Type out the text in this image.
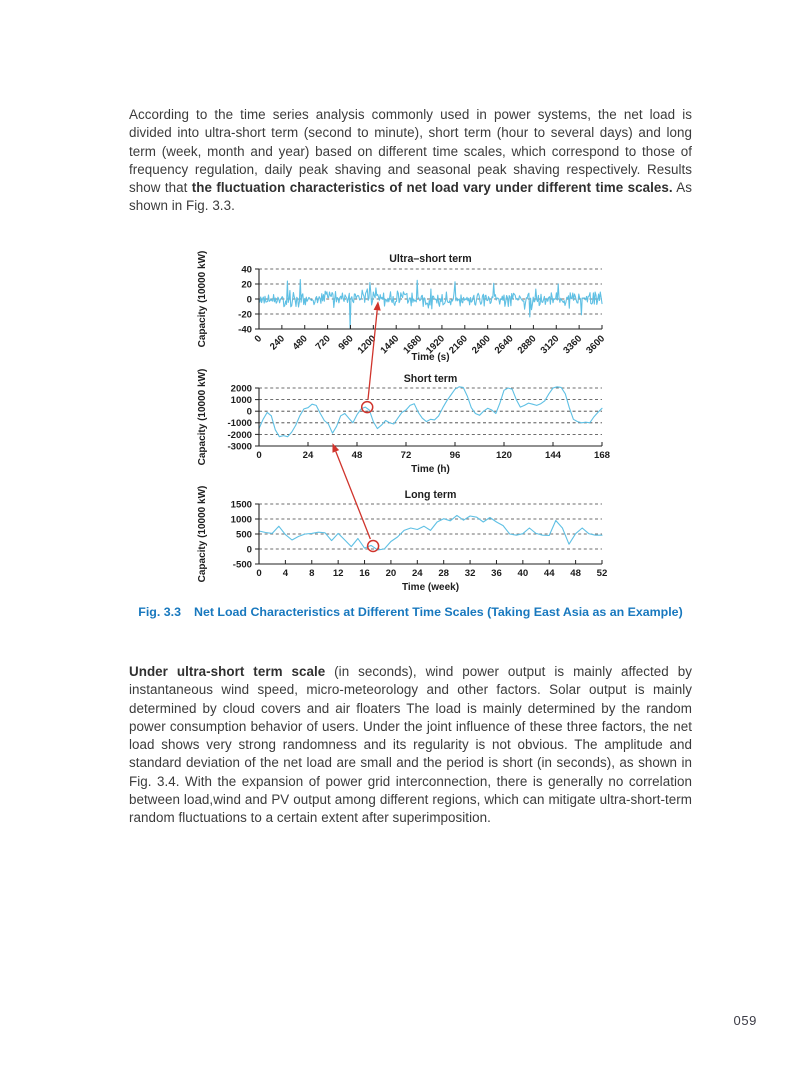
According to the time series analysis commonly used in power systems, the net load is divided into ultra-short term (second to minute), short term (hour to several days) and long term (week, month and year) based on different time scales, which correspond to those of frequency regulation, daily peak shaving and seasonal peak shaving respectively. Results show that the fluctuation characteristics of net load vary under different time scales. As shown in Fig. 3.3.

40
20
0
-20
-40
0 240 480 720 960 1200 1440 1680 1920 2160 2400 2640 2880 3120 3360 3600
Ultra–short term
Time (s)
Capacity (10000 kW)
2000
1000
0
-1000
-2000
-3000
0	24	48	72	96	120	144	168
Short term
Time (h)
Capacity (10000 kW)
1500
1000
500
0
-500
0 4 8 12 16 20 24 28 32 36 40 44 48 52
Long term
Time (week)
Capacity (10000 kW)
Fig. 3.3 Net Load Characteristics at Different Time Scales (Taking East Asia as an Example)

Under ultra-short term scale (in seconds), wind power output is mainly affected by instantaneous wind speed, micro-meteorology and other factors. Solar output is mainly determined by cloud covers and air floaters The load is mainly determined by the random power consumption behavior of users. Under the joint influence of these three factors, the net load shows very strong randomness and its regularity is not obvious. The amplitude and standard deviation of the net load are small and the period is short (in seconds), as shown in Fig. 3.4. With the expansion of power grid interconnection, there is generally no correlation between load,wind and PV output among different regions, which can mitigate ultra-short-term random fluctuations to a certain extent after superimposition.

059
